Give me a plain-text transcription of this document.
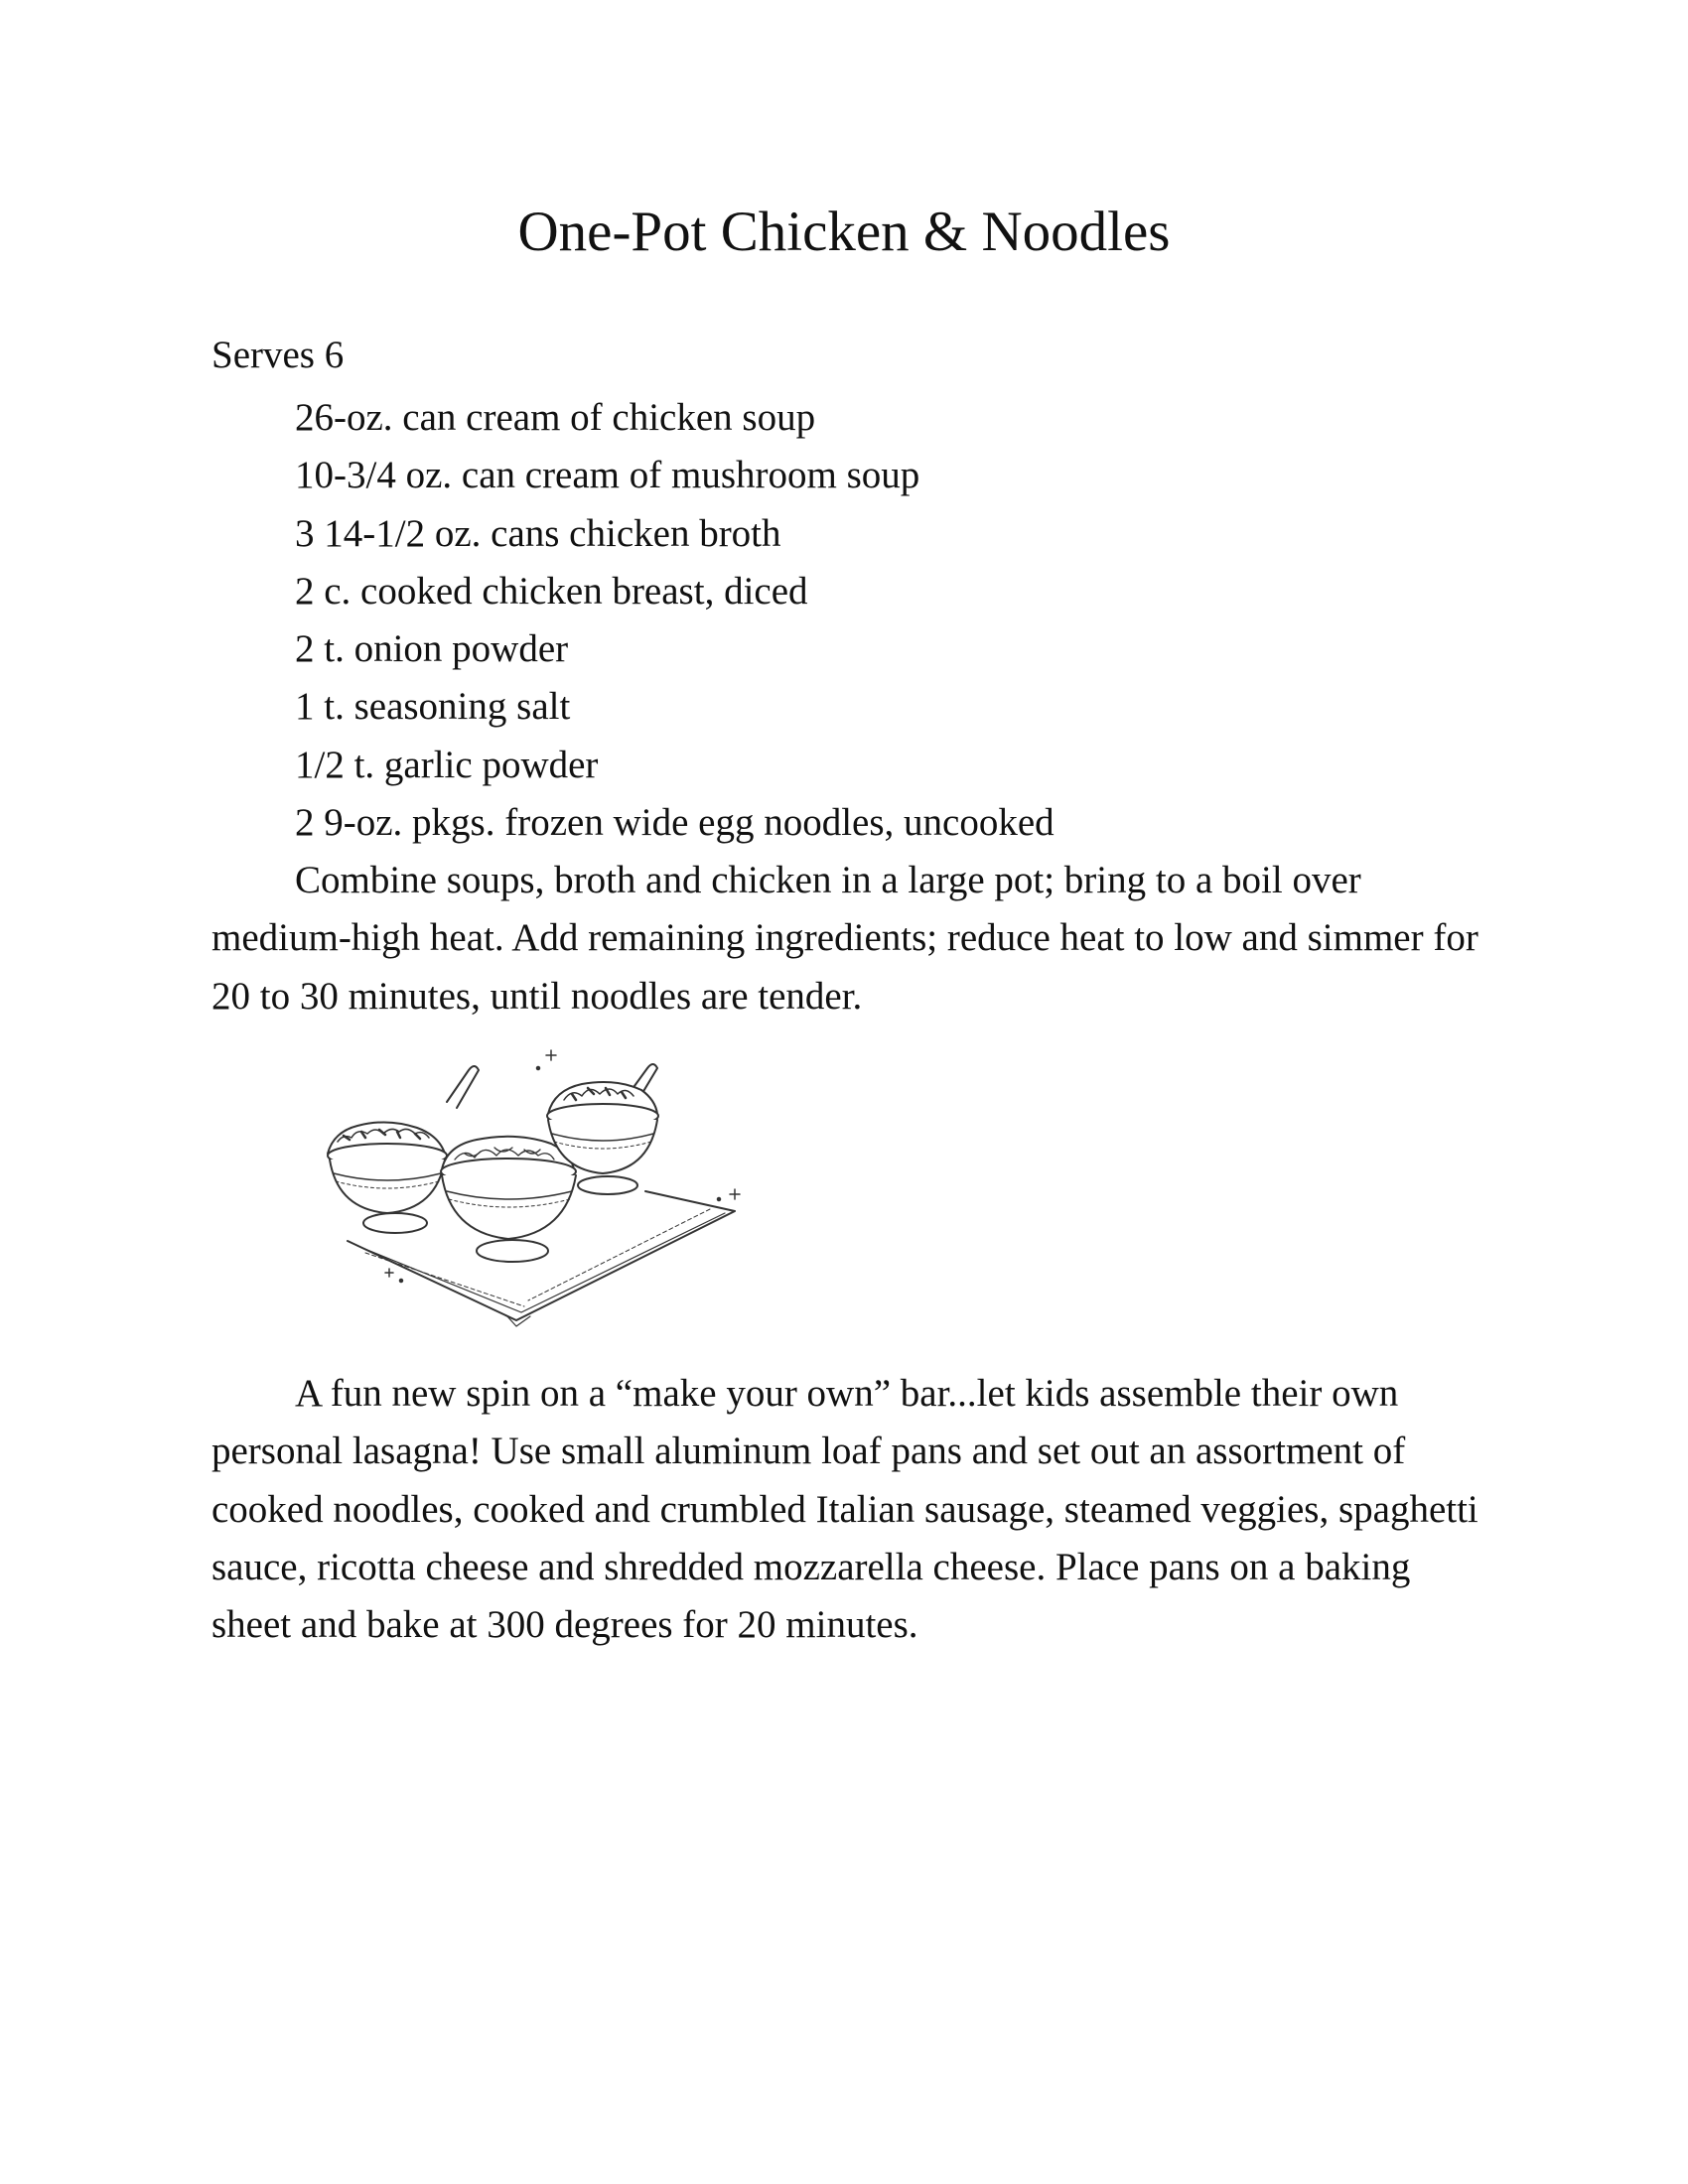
One-Pot Chicken & Noodles

Serves 6

26-oz. can cream of chicken soup
10-3/4 oz. can cream of mushroom soup
3 14-1/2 oz. cans chicken broth
2 c. cooked chicken breast, diced
2 t. onion powder
1 t. seasoning salt
1/2 t. garlic powder
2 9-oz. pkgs. frozen wide egg noodles, uncooked

Combine soups, broth and chicken in a large pot; bring to a boil over medium-high heat. Add remaining ingredients; reduce heat to low and simmer for 20 to 30 minutes, until noodles are tender.

A fun new spin on a “make your own” bar...let kids assemble their own personal lasagna! Use small aluminum loaf pans and set out an assortment of cooked noodles, cooked and crumbled Italian sausage, steamed veggies, spaghetti sauce, ricotta cheese and shredded mozzarella cheese. Place pans on a baking sheet and bake at 300 degrees for 20 minutes.
